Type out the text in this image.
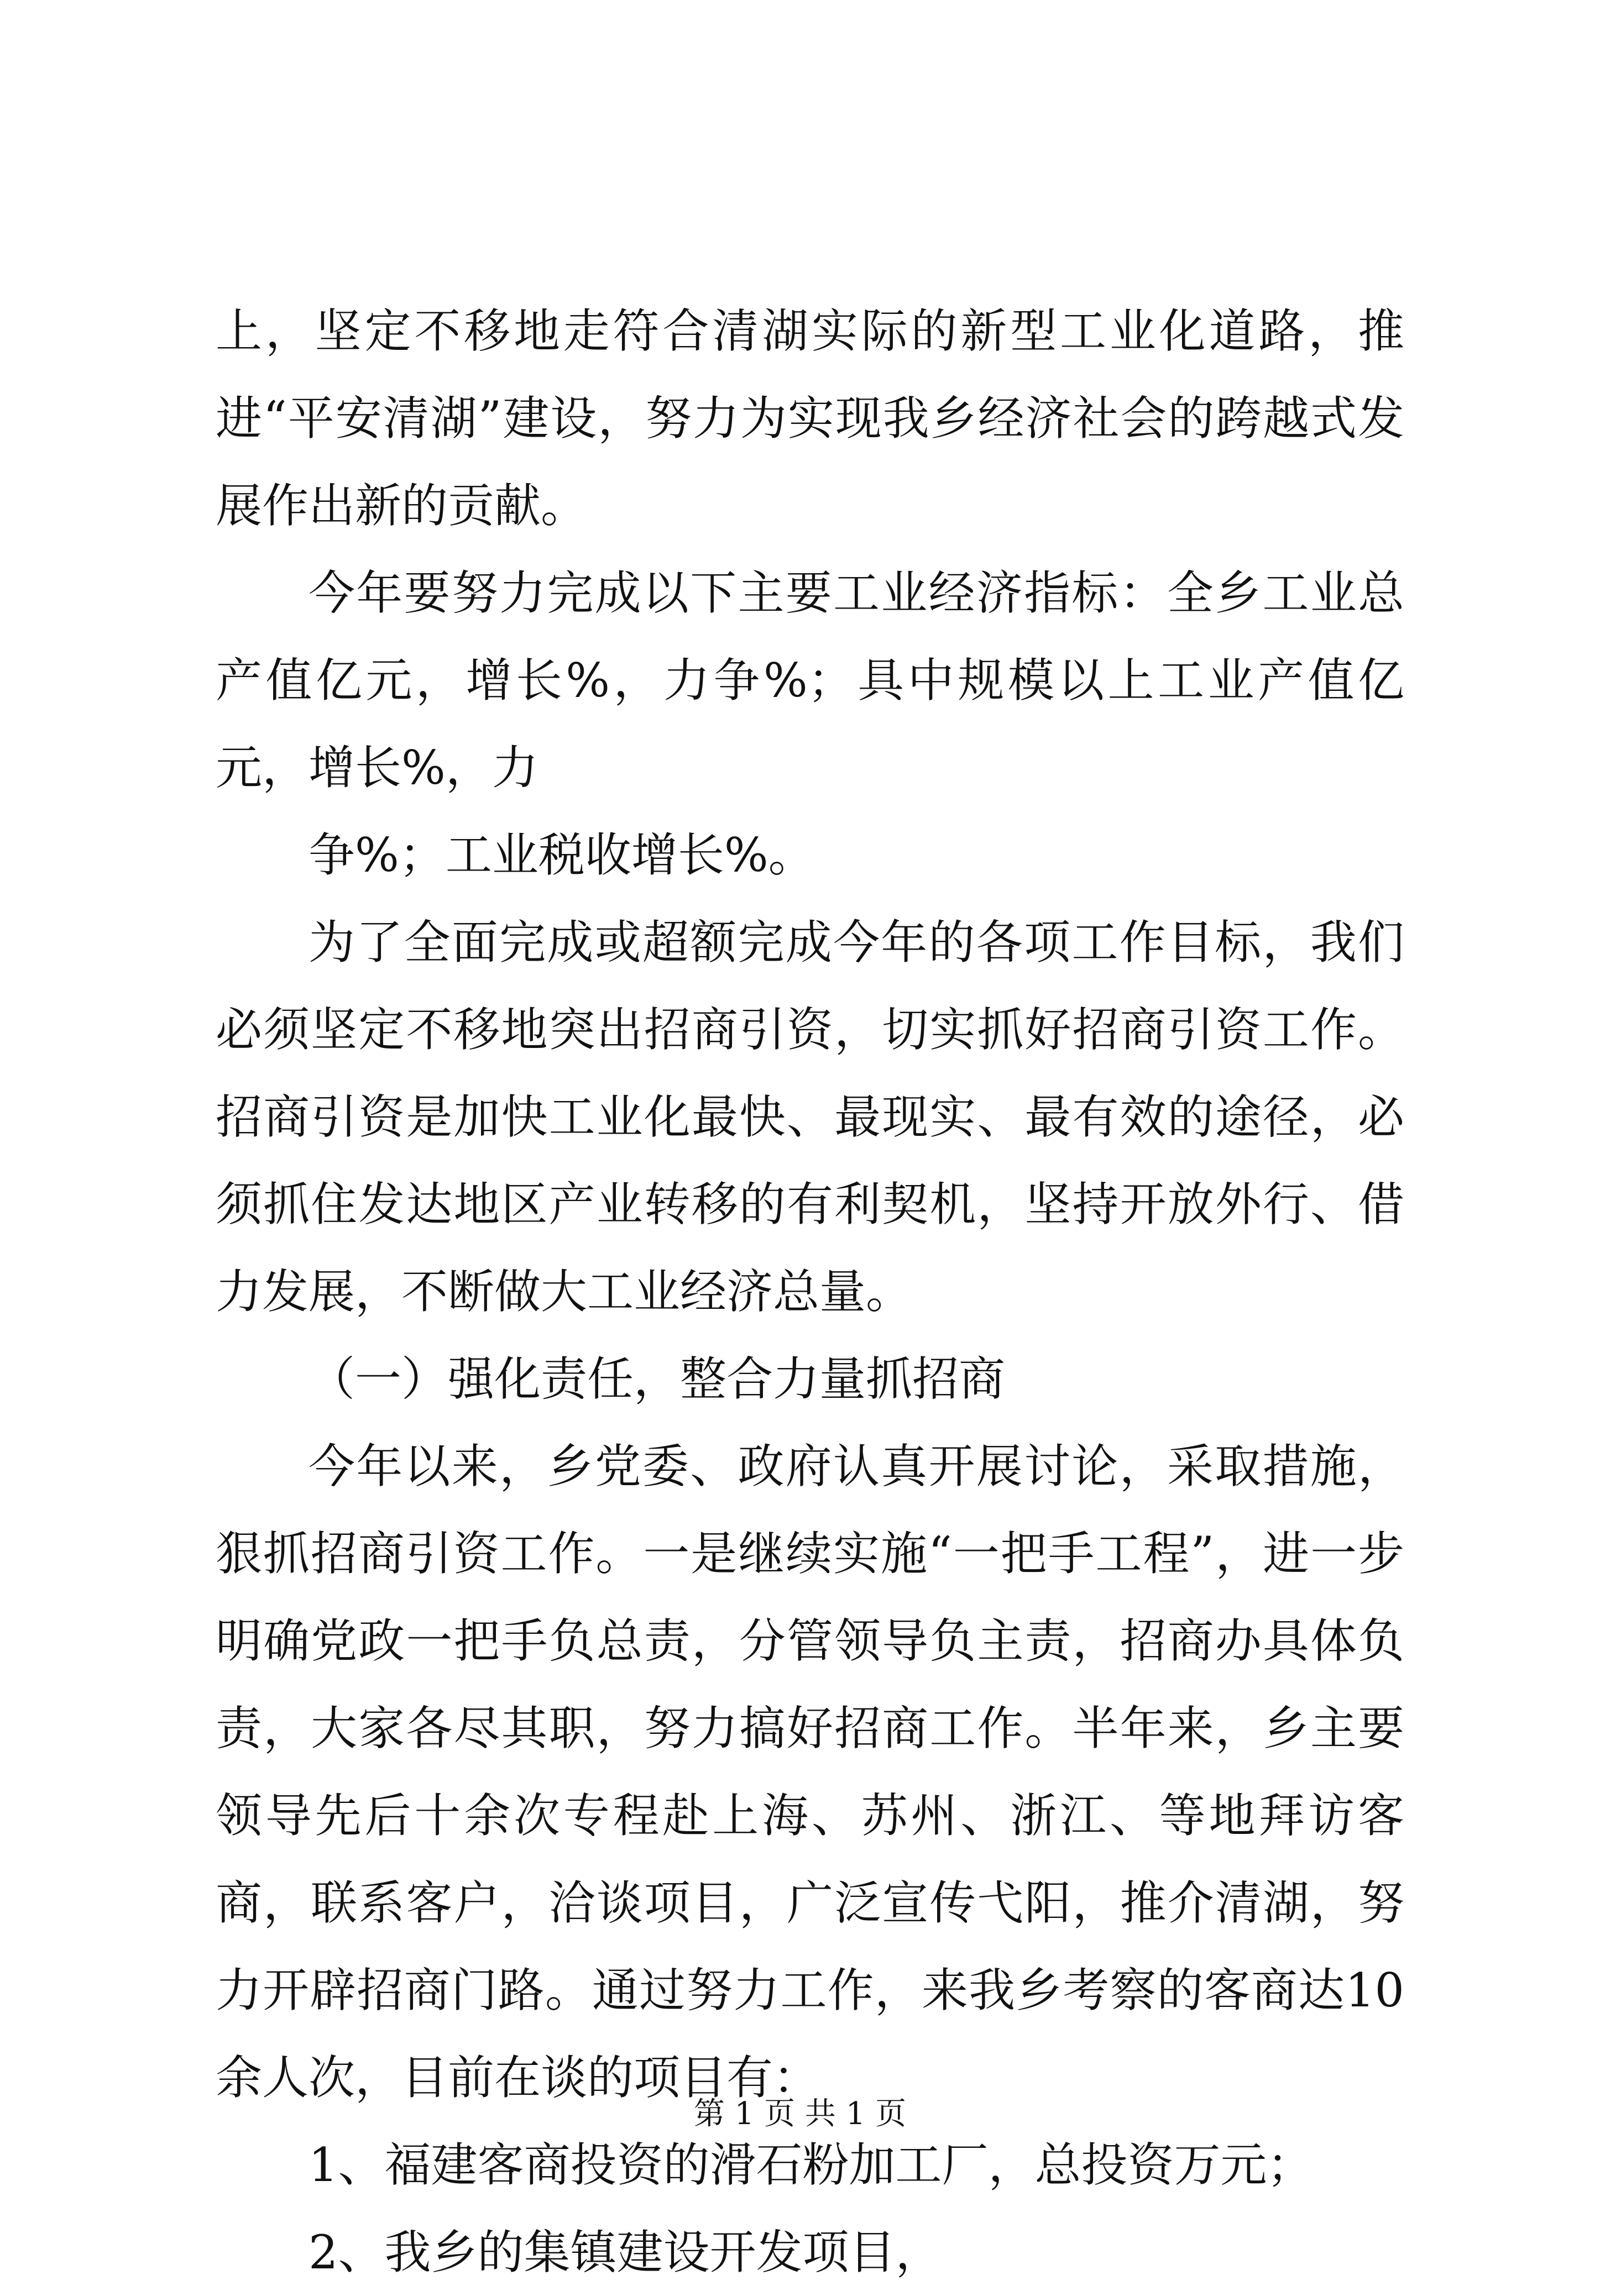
上，坚定不移地走符合清湖实际的新型工业化道路，推进“平安清湖”建设，努力为实现我乡经济社会的跨越式发展作出新的贡献。

今年要努力完成以下主要工业经济指标：全乡工业总产值亿元，增长%，力争%；具中规模以上工业产值亿元，增长%，力

争%；工业税收增长%。

为了全面完成或超额完成今年的各项工作目标，我们必须坚定不移地突出招商引资，切实抓好招商引资工作。招商引资是加快工业化最快、最现实、最有效的途径，必须抓住发达地区产业转移的有利契机，坚持开放外行、借力发展，不断做大工业经济总量。

（一）强化责任，整合力量抓招商

今年以来，乡党委、政府认真开展讨论，采取措施，狠抓招商引资工作。一是继续实施“一把手工程”，进一步明确党政一把手负总责，分管领导负主责，招商办具体负责，大家各尽其职，努力搞好招商工作。半年来，乡主要领导先后十余次专程赴上海、苏州、浙江、等地拜访客商，联系客户，洽谈项目，广泛宣传弋阳，推介清湖，努力开辟招商门路。通过努力工作，来我乡考察的客商达10余人次，目前在谈的项目有：

1、福建客商投资的滑石粉加工厂，总投资万元；

2、我乡的集镇建设开发项目，

第 1 页 共 1 页
